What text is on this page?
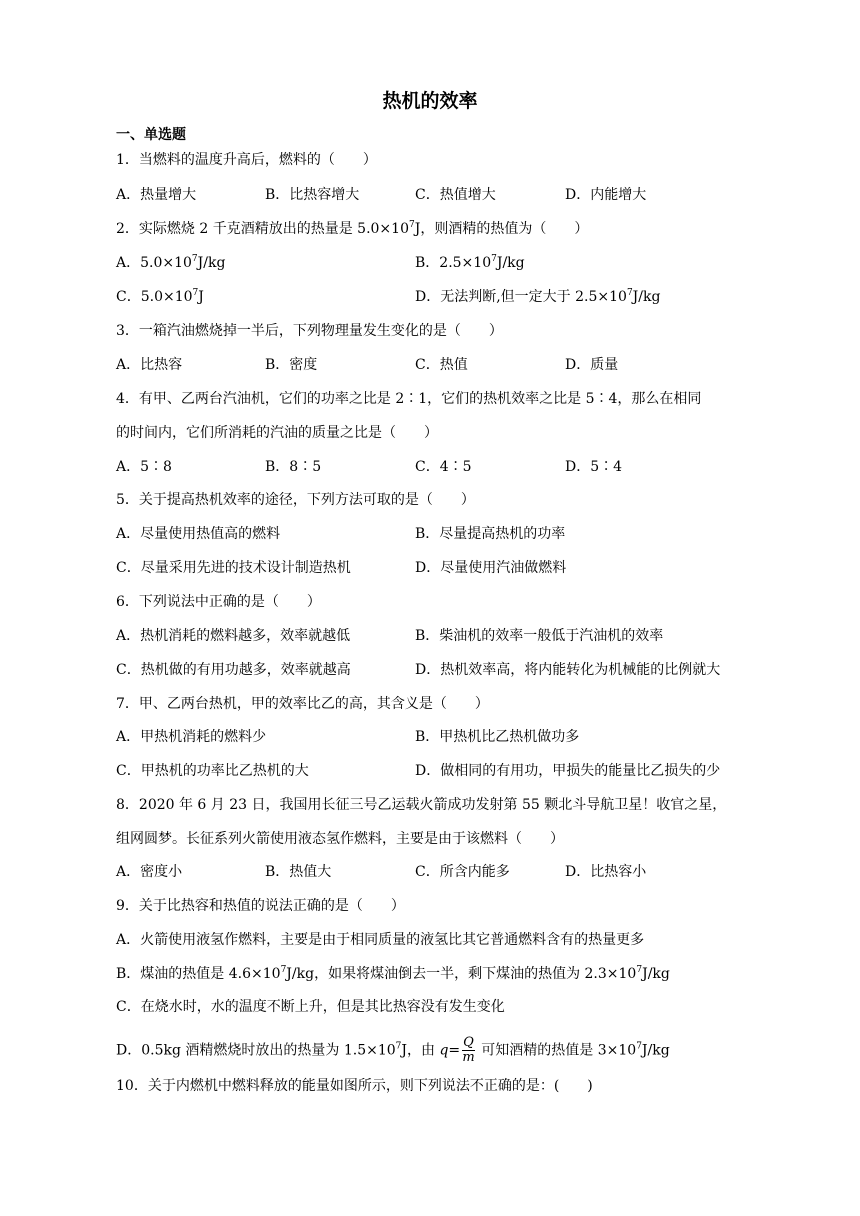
热机的效率
一、单选题
1．当燃料的温度升高后，燃料的（　　）
A．热量增大	B．比热容增大	C．热值增大	D．内能增大
2．实际燃烧 2 千克酒精放出的热量是 $5.0\times 10^7J$，则酒精的热值为（　　）
A．$5.0\times 10^7J/kg$	B．$2.5\times 10^7J/kg$
C．$5.0\times 10^7J$	D．无法判断,但一定大于 $2.5\times 10^7J/kg$
3．一箱汽油燃烧掉一半后，下列物理量发生变化的是（　　）
A．比热容	B．密度	C．热值	D．质量
4．有甲、乙两台汽油机，它们的功率之比是 2∶1，它们的热机效率之比是 5∶4，那么在相同
的时间内，它们所消耗的汽油的质量之比是（　　）
A．5∶8	B．8∶5	C．4∶5	D．5∶4
5．关于提高热机效率的途径，下列方法可取的是（　　）
A．尽量使用热值高的燃料	B．尽量提高热机的功率
C．尽量采用先进的技术设计制造热机	D．尽量使用汽油做燃料
6．下列说法中正确的是（　　）
A．热机消耗的燃料越多，效率就越低	B．柴油机的效率一般低于汽油机的效率
C．热机做的有用功越多，效率就越高	D．热机效率高，将内能转化为机械能的比例就大
7．甲、乙两台热机，甲的效率比乙的高，其含义是（　　）
A．甲热机消耗的燃料少	B．甲热机比乙热机做功多
C．甲热机的功率比乙热机的大	D．做相同的有用功，甲损失的能量比乙损失的少
8．2020 年 6 月 23 日，我国用长征三号乙运载火箭成功发射第 55 颗北斗导航卫星！收官之星，
组网圆梦。长征系列火箭使用液态氢作燃料，主要是由于该燃料（　　）
A．密度小	B．热值大	C．所含内能多	D．比热容小
9．关于比热容和热值的说法正确的是（　　）
A．火箭使用液氢作燃料，主要是由于相同质量的液氢比其它普通燃料含有的热量更多
B．煤油的热值是 $4.6\times 10^7J/kg$，如果将煤油倒去一半，剩下煤油的热值为 $2.3\times 10^7J/kg$
C．在烧水时，水的温度不断上升，但是其比热容没有发生变化
D．0.5kg 酒精燃烧时放出的热量为 $1.5\times 10^7J$，由 $q= \frac{Q}{m}$ 可知酒精的热值是 $3\times 10^7J/kg$
10．关于内燃机中燃料释放的能量如图所示，则下列说法不正确的是：(　　)
